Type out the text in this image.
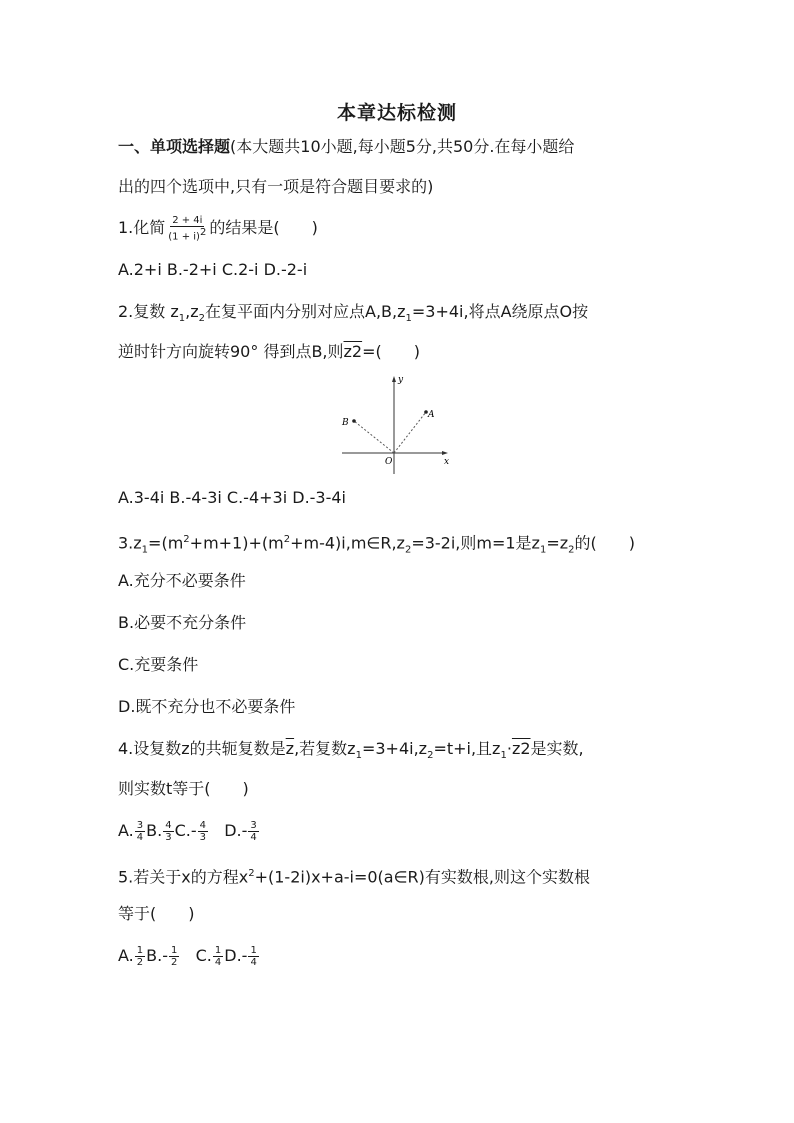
本章达标检测
一、单项选择题(本大题共10小题,每小题5分,共50分.在每小题给
出的四个选项中,只有一项是符合题目要求的)
1.化简 $\frac{2 + 4i}{(1 + i)^2}$ 的结果是(　　)
A.2+i B.-2+i C.2-i D.-2-i
2.复数 $z_1,z_2$在复平面内分别对应点$A,B,z_1=3+4i$,将点A绕原点O按
逆时针方向旋转90° 得到点B,则z2=(　　)
A
B
O	x
y
A.3-4i B.-4-3i C.-4+3i D.-3-4i
$3.z_1=(m^2+m+1)+(m^2+m-4)i,m\in R,z_2=3-2i$,则m=1是$z_1=z_2$的(　　)
A.充分不必要条件
B.必要不充分条件
C.充要条件
D.既不充分也不必要条件
4.设复数z的共轭复数是$\overline{z}$,若复数$z_1=3+4i,z_2=t+i$,且$z_1\cdot z2$是实数,
则实数t等于(　　)
A. $\frac{3}{4} B$. $\frac{4}{3} C.- \frac{4}{3} D.- \frac{3}{4}$
5.若关于x的方程$x^2+(1-2i)x+a-i=0(a\in R)$有实数根,则这个实数根
等于(　　)
A. $\frac{1}{2} B.- \frac{1}{2} C$. $\frac{1}{4} D.- \frac{1}{4}$
